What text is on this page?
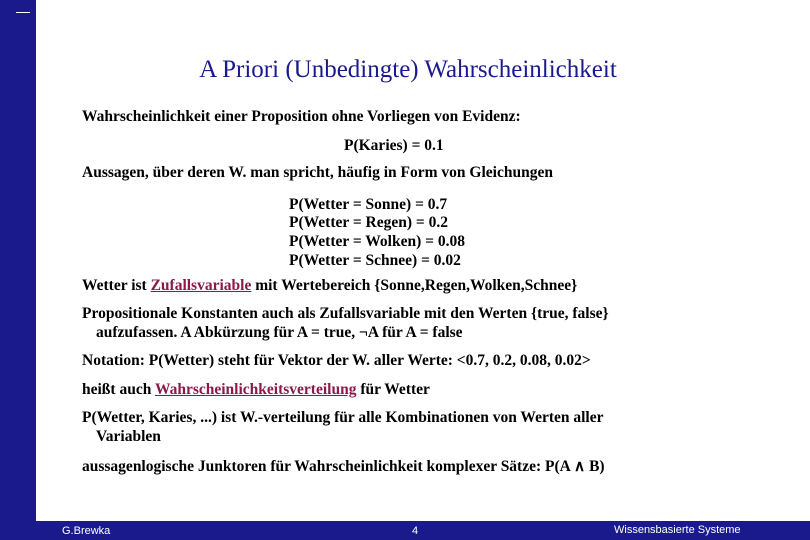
A Priori (Unbedingte) Wahrscheinlichkeit
Wahrscheinlichkeit einer Proposition ohne Vorliegen von Evidenz:
P(Karies) = 0.1
Aussagen, über deren W. man spricht, häufig in Form von Gleichungen
P(Wetter = Sonne) = 0.7
P(Wetter = Regen) = 0.2
P(Wetter = Wolken) = 0.08
P(Wetter = Schnee) = 0.02
Wetter ist Zufallsvariable mit Wertebereich {Sonne,Regen,Wolken,Schnee}
Propositionale Konstanten auch als Zufallsvariable mit den Werten {true, false}
aufzufassen. A Abkürzung für A = true, ¬A für A = false
Notation: P(Wetter) steht für Vektor der W. aller Werte: <0.7, 0.2, 0.08, 0.02>
heißt auch Wahrscheinlichkeitsverteilung für Wetter
P(Wetter, Karies, ...) ist W.-verteilung für alle Kombinationen von Werten aller
Variablen
aussagenlogische Junktoren für Wahrscheinlichkeit komplexer Sätze: P(A ∧ B)
G.Brewka	4	Wissensbasierte Systeme
